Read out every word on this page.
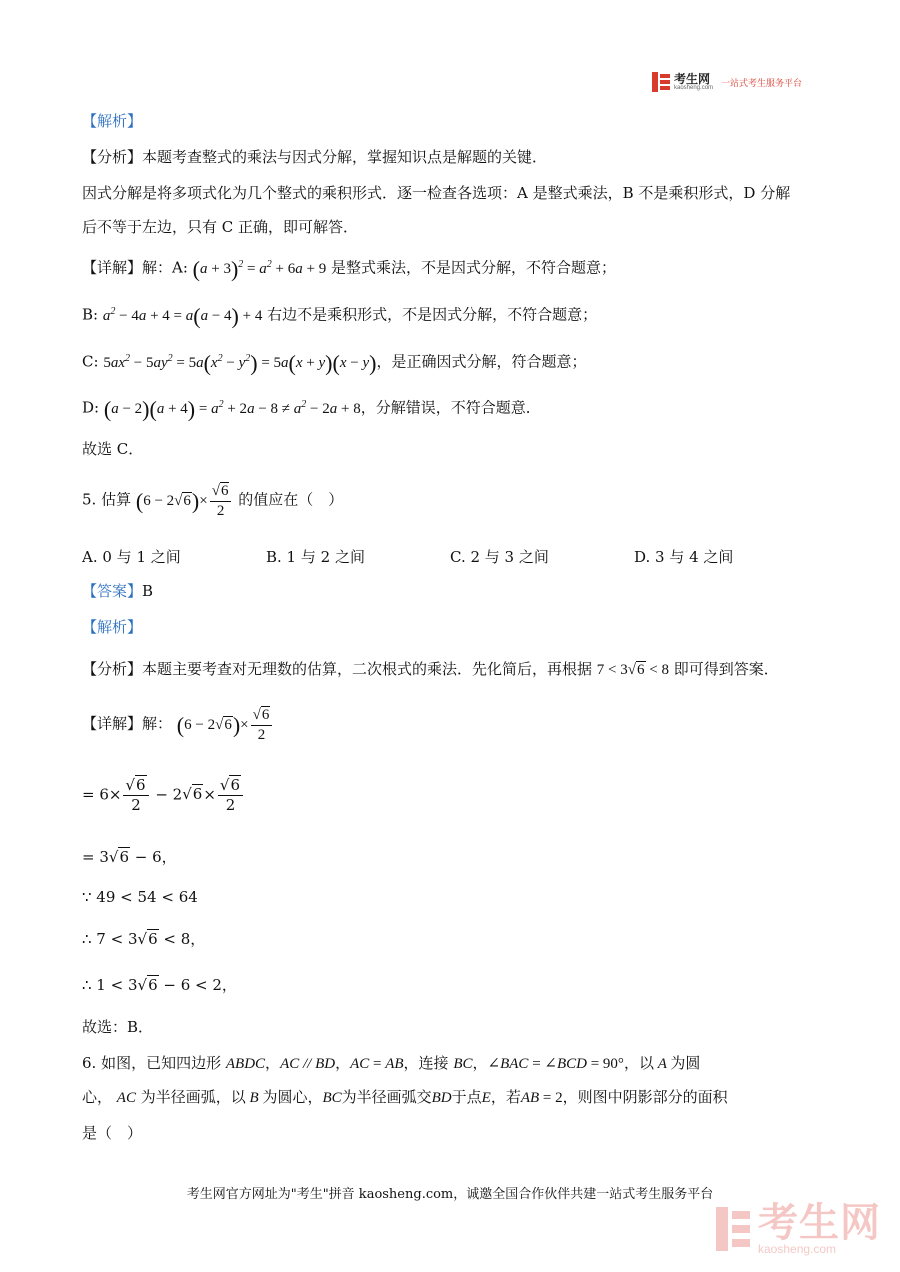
考生网
kaosheng.com
一站式考生服务平台
【解析】
【分析】本题考查整式的乘法与因式分解，掌握知识点是解题的关键．
因式分解是将多项式化为几个整式的乘积形式．逐一检查各选项：A 是整式乘法，B 不是乘积形式，D 分解
后不等于左边，只有 C 正确，即可解答．
【详解】解：A: $(a + 3)^2 = a^2 + 6a + 9$ 是整式乘法，不是因式分解，不符合题意；
B: $a^2 - 4a + 4 = a(a - 4) + 4$ 右边不是乘积形式，不是因式分解，不符合题意；
C: $5ax^2 - 5ay^2 = 5a(x^2 - y^2) = 5a(x + y)(x - y)$，是正确因式分解，符合题意；
D: $(a - 2)(a + 4) = a^2 + 2a - 8 \ne a^2 - 2a + 8$，分解错误，不符合题意．
故选 C．
5. 估算 $(6 - 2√6)\times \frac{√6}{2}$ 的值应在（　）
A. 0 与 1 之间	B. 1 与 2 之间	C. 2 与 3 之间	D. 3 与 4 之间
【答案】B
【解析】
【分析】本题主要考查对无理数的估算，二次根式的乘法．先化简后，再根据 7 < 3√6 < 8 即可得到答案．
【详解】解： $(6 - 2√6)\times \frac{√6}{2}$
= $6\times \frac{√6}{2} - 2√6\times \frac{√6}{2}$
= 3√6 − 6，
∵ 49 < 54 < 64
∴ 7 < 3√6 < 8，
∴ 1 < 3√6 − 6 < 2，
故选：B．
6. 如图，已知四边形 ABDC，AC // BD，AC = AB，连接 BC，∠BAC = ∠BCD = 90°，以 A 为圆
心， AC 为半径画弧，以 B 为圆心，BC为半径画弧交BD于点E，若AB = 2，则图中阴影部分的面积
是（　）
考生网官方网址为"考生"拼音 kaosheng.com，诚邀全国合作伙伴共建一站式考生服务平台
考生网
kaosheng.com
